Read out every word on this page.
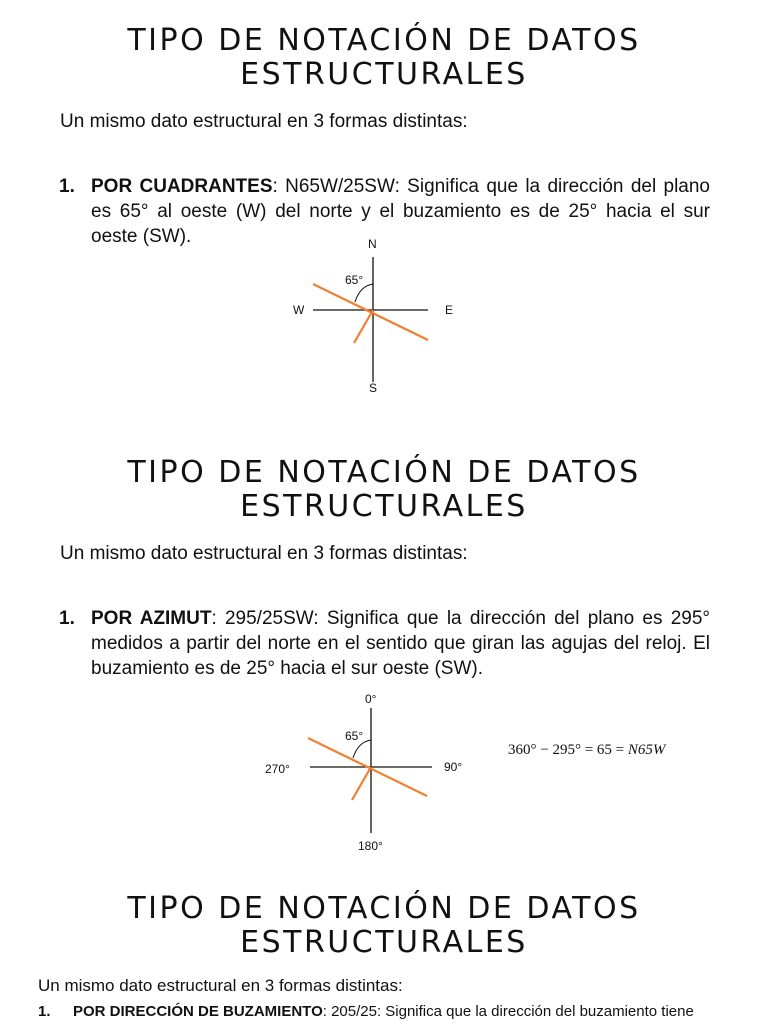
TIPO DE NOTACIÓN DE DATOS
ESTRUCTURALES
Un mismo dato estructural en 3 formas distintas:
1. POR CUADRANTES: N65W/25SW: Significa que la dirección del plano es 65° al oeste (W) del norte y el buzamiento es de 25° hacia el sur oeste (SW).	N
S
E
W
65°
TIPO DE NOTACIÓN DE DATOS
ESTRUCTURALES
Un mismo dato estructural en 3 formas distintas:
1. POR AZIMUT: 295/25SW: Significa que la dirección del plano es 295° medidos a partir del norte en el sentido que giran las agujas del reloj. El buzamiento es de 25° hacia el sur oeste (SW).
0°
180°
90°
270°
65°
360° − 295° = 65 = N65W
TIPO DE NOTACIÓN DE DATOS
ESTRUCTURALES
Un mismo dato estructural en 3 formas distintas:
1. POR DIRECCIÓN DE BUZAMIENTO: 205/25: Significa que la dirección del buzamiento tiene
